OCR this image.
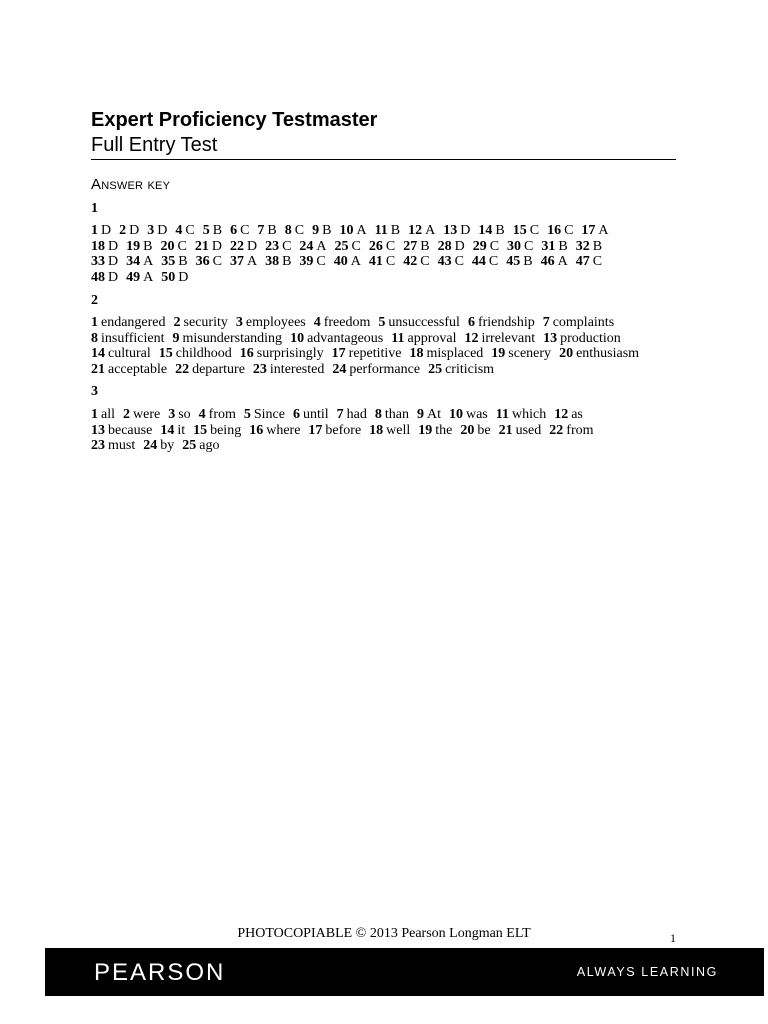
Expert Proficiency Testmaster
Full Entry Test
Answer key
1
1 D 2 D 3 D 4 C 5 B 6 C 7 B 8 C 9 B 10 A 11 B 12 A 13 D 14 B 15 C 16 C 17 A
18 D 19 B 20 C 21 D 22 D 23 C 24 A 25 C 26 C 27 B 28 D 29 C 30 C 31 B 32 B
33 D 34 A 35 B 36 C 37 A 38 B 39 C 40 A 41 C 42 C 43 C 44 C 45 B 46 A 47 C
48 D 49 A 50 D
2
1 endangered 2 security 3 employees 4 freedom 5 unsuccessful 6 friendship 7 complaints
8 insufficient 9 misunderstanding 10 advantageous 11 approval 12 irrelevant 13 production
14 cultural 15 childhood 16 surprisingly 17 repetitive 18 misplaced 19 scenery 20 enthusiasm
21 acceptable 22 departure 23 interested 24 performance 25 criticism
3
1 all 2 were 3 so 4 from 5 Since 6 until 7 had 8 than 9 At 10 was 11 which 12 as
13 because 14 it 15 being 16 where 17 before 18 well 19 the 20 be 21 used 22 from
23 must 24 by 25 ago
PHOTOCOPIABLE © 2013 Pearson Longman ELT	1
PEARSON	ALWAYS LEARNING
